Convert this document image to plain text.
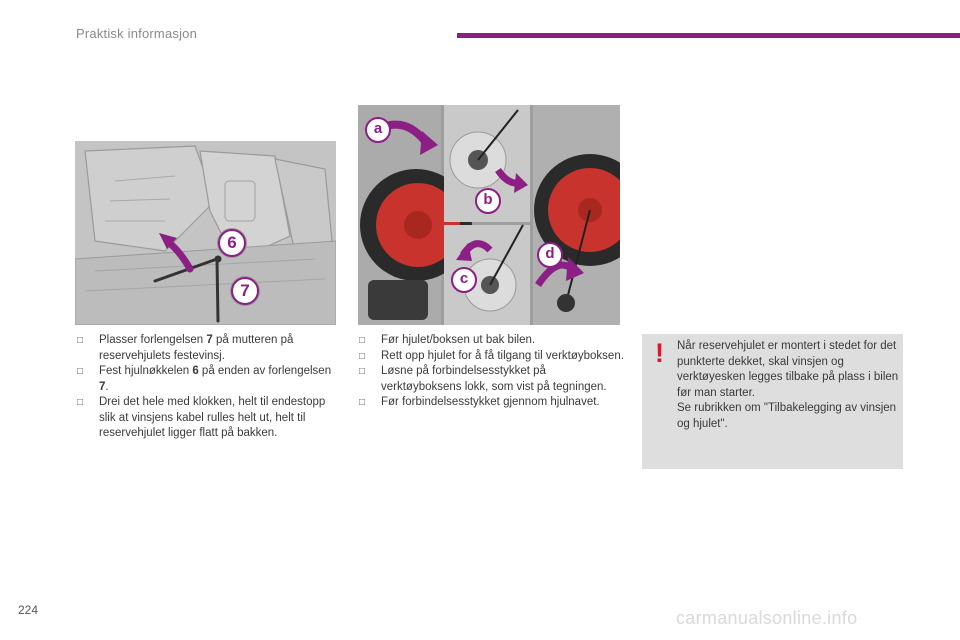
Praktisk informasjon
6
7
a
b
c
d
□ Plasser forlengelsen 7 på mutteren på reservehjulets festevinsj.
□ Fest hjulnøkkelen 6 på enden av forlengelsen 7.
□ Drei det hele med klokken, helt til endestopp slik at vinsjens kabel rulles helt ut, helt til reservehjulet ligger flatt på bakken.
□ Før hjulet/boksen ut bak bilen.
□ Rett opp hjulet for å få tilgang til verktøyboksen.
□ Løsne på forbindelsesstykket på verktøyboksens lokk, som vist på tegningen.
□ Før forbindelsesstykket gjennom hjulnavet.
! Når reservehjulet er montert i stedet for det punkterte dekket, skal vinsjen og verktøyesken legges tilbake på plass i bilen før man starter.

Se rubrikken om "Tilbakelegging av vinsjen og hjulet".

224	carmanualsonline.info
